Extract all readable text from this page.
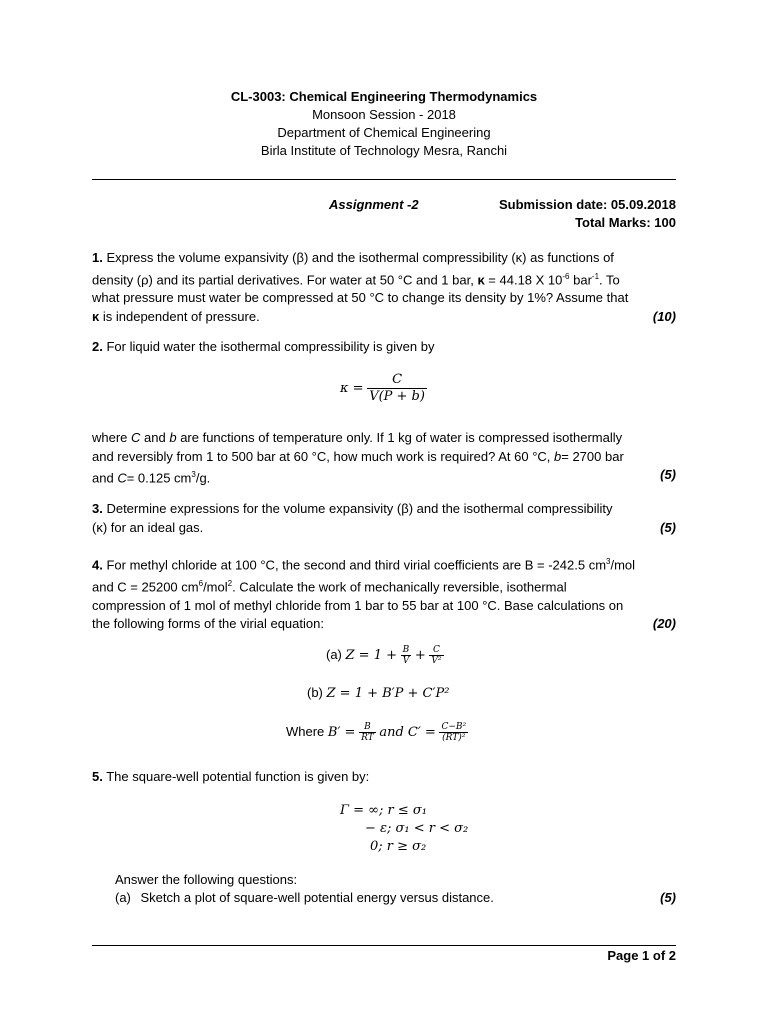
CL-3003: Chemical Engineering Thermodynamics
Monsoon Session - 2018
Department of Chemical Engineering
Birla Institute of Technology Mesra, Ranchi
Assignment -2	Submission date: 05.09.2018
Total Marks: 100
1. Express the volume expansivity (β) and the isothermal compressibility (κ) as functions of
density (ρ) and its partial derivatives. For water at 50 °C and 1 bar, κ = 44.18 X $10^{-6}$ bar$^{-1}$. To
what pressure must water be compressed at 50 °C to change its density by 1%? Assume that
κ is independent of pressure.	(10)
2. For liquid water the isothermal compressibility is given by
$\kappa = \frac{C}{V(P + b)}$
where C and b are functions of temperature only. If 1 kg of water is compressed isothermally
and reversibly from 1 to 500 bar at 60 °C, how much work is required? At 60 °C, b= 2700 bar
and C= 0.125 $cm^3/g$.	(5)
3. Determine expressions for the volume expansivity (β) and the isothermal compressibility
(κ) for an ideal gas.	(5)
4. For methyl chloride at 100 °C, the second and third virial coefficients are B = -242.5 $cm^3$/mol
and C = 25200 $cm^6/mol^2$. Calculate the work of mechanically reversible, isothermal
compression of 1 mol of methyl chloride from 1 bar to 55 bar at 100 °C. Base calculations on
the following forms of the virial equation:	(20)
(a) $Z = 1 + \frac{B}{V} + \frac{C}{\text{V²}}$
(b) Z = 1 + B′P + C′P²
Where $B' = \frac{B}{RT}$ and $C' = \frac{\text{C−B²}}{\text{(RT)²}}$
5. The square-well potential function is given by:
Γ = ∞; r ≤ σ₁
− ε; σ₁ < r < σ₂
0; r ≥ σ₂
Answer the following questions:
(a) Sketch a plot of square-well potential energy versus distance.	(5)
Page 1 of 2
